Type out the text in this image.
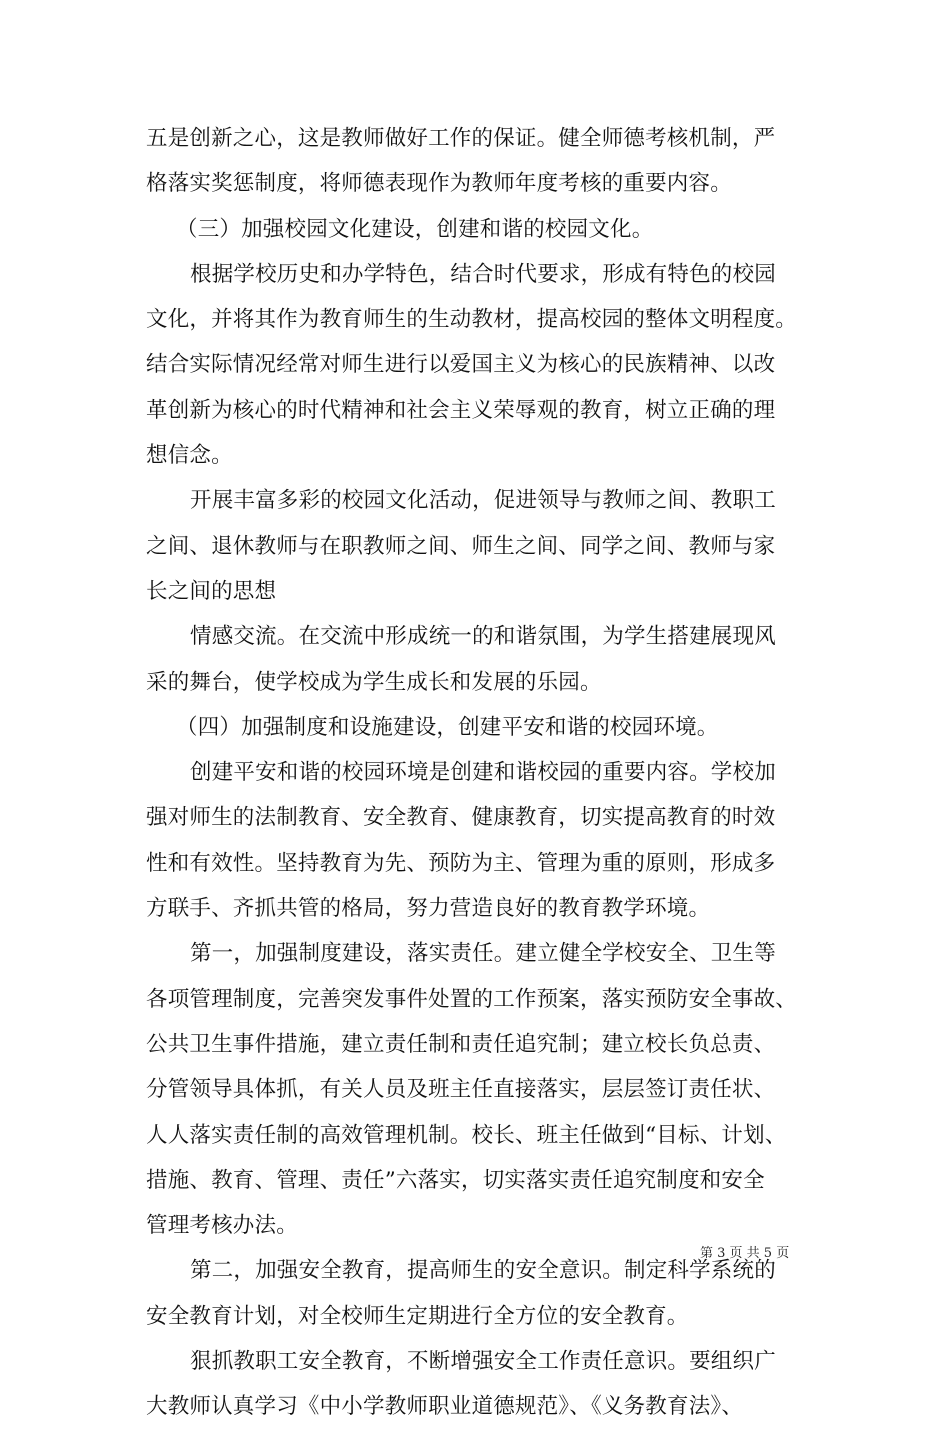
五是创新之心，这是教师做好工作的保证。健全师德考核机制，严
格落实奖惩制度，将师德表现作为教师年度考核的重要内容。
（三）加强校园文化建设，创建和谐的校园文化。
根据学校历史和办学特色，结合时代要求，形成有特色的校园
文化，并将其作为教育师生的生动教材，提高校园的整体文明程度。
结合实际情况经常对师生进行以爱国主义为核心的民族精神、以改
革创新为核心的时代精神和社会主义荣辱观的教育，树立正确的理
想信念。
开展丰富多彩的校园文化活动，促进领导与教师之间、教职工
之间、退休教师与在职教师之间、师生之间、同学之间、教师与家
长之间的思想
情感交流。在交流中形成统一的和谐氛围，为学生搭建展现风
采的舞台，使学校成为学生成长和发展的乐园。
（四）加强制度和设施建设，创建平安和谐的校园环境。
创建平安和谐的校园环境是创建和谐校园的重要内容。学校加
强对师生的法制教育、安全教育、健康教育，切实提高教育的时效
性和有效性。坚持教育为先、预防为主、管理为重的原则，形成多
方联手、齐抓共管的格局，努力营造良好的教育教学环境。
第一，加强制度建设，落实责任。建立健全学校安全、卫生等
各项管理制度，完善突发事件处置的工作预案，落实预防安全事故、
公共卫生事件措施，建立责任制和责任追究制；建立校长负总责、
分管领导具体抓，有关人员及班主任直接落实，层层签订责任状、
人人落实责任制的高效管理机制。校长、班主任做到“目标、计划、
措施、教育、管理、责任”六落实，切实落实责任追究制度和安全
管理考核办法。
第二，加强安全教育，提高师生的安全意识。制定科学系统的
安全教育计划，对全校师生定期进行全方位的安全教育。
狠抓教职工安全教育，不断增强安全工作责任意识。要组织广
大教师认真学习《中小学教师职业道德规范》、《义务教育法》、
第 3 页 共 5 页
